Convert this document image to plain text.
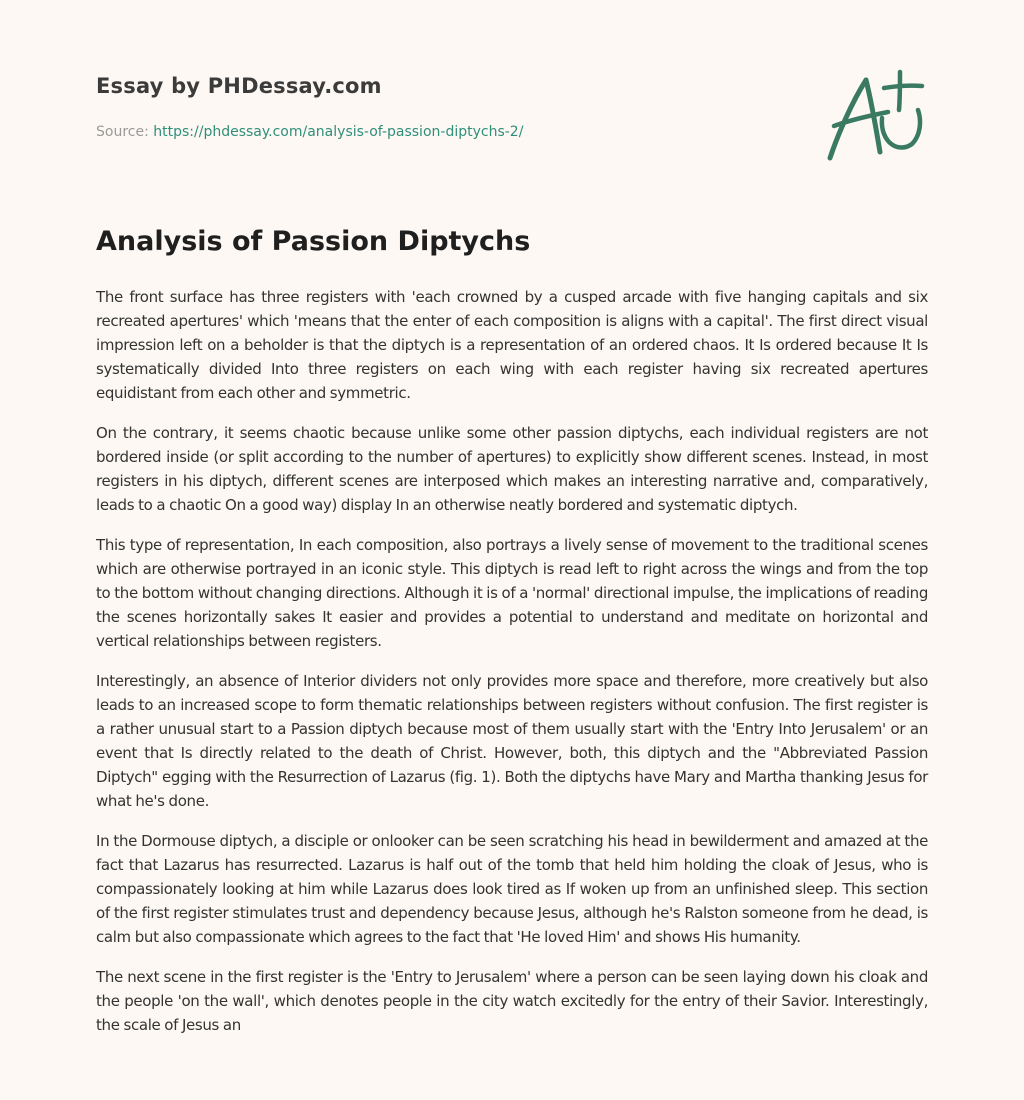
Essay by PHDessay.com
Source: https://phdessay.com/analysis-of-passion-diptychs-2/
Analysis of Passion Diptychs

The front surface has three registers with 'each crowned by a cusped arcade with five hanging capitals and six recreated apertures' which 'means that the enter of each composition is aligns with a capital'. The first direct visual impression left on a beholder is that the diptych is a representation of an ordered chaos. It Is ordered because It Is systematically divided Into three registers on each wing with each register having six recreated apertures equidistant from each other and symmetric.

On the contrary, it seems chaotic because unlike some other passion diptychs, each individual registers are not bordered inside (or split according to the number of apertures) to explicitly show different scenes. Instead, in most registers in his diptych, different scenes are interposed which makes an interesting narrative and, comparatively, leads to a chaotic On a good way) display In an otherwise neatly bordered and systematic diptych.

This type of representation, In each composition, also portrays a lively sense of movement to the traditional scenes which are otherwise portrayed in an iconic style. This diptych is read left to right across the wings and from the top to the bottom without changing directions. Although it is of a 'normal' directional impulse, the implications of reading the scenes horizontally sakes It easier and provides a potential to understand and meditate on horizontal and vertical relationships between registers.

Interestingly, an absence of Interior dividers not only provides more space and therefore, more creatively but also leads to an increased scope to form thematic relationships between registers without confusion. The first register is a rather unusual start to a Passion diptych because most of them usually start with the 'Entry Into Jerusalem' or an event that Is directly related to the death of Christ. However, both, this diptych and the "Abbreviated Passion Diptych" egging with the Resurrection of Lazarus (fig. 1). Both the diptychs have Mary and Martha thanking Jesus for what he's done.

In the Dormouse diptych, a disciple or onlooker can be seen scratching his head in bewilderment and amazed at the fact that Lazarus has resurrected. Lazarus is half out of the tomb that held him holding the cloak of Jesus, who is compassionately looking at him while Lazarus does look tired as If woken up from an unfinished sleep. This section of the first register stimulates trust and dependency because Jesus, although he's Ralston someone from he dead, is calm but also compassionate which agrees to the fact that 'He loved Him' and shows His humanity.

The next scene in the first register is the 'Entry to Jerusalem' where a person can be seen laying down his cloak and the people 'on the wall', which denotes people in the city watch excitedly for the entry of their Savior. Interestingly, the scale of Jesus an
